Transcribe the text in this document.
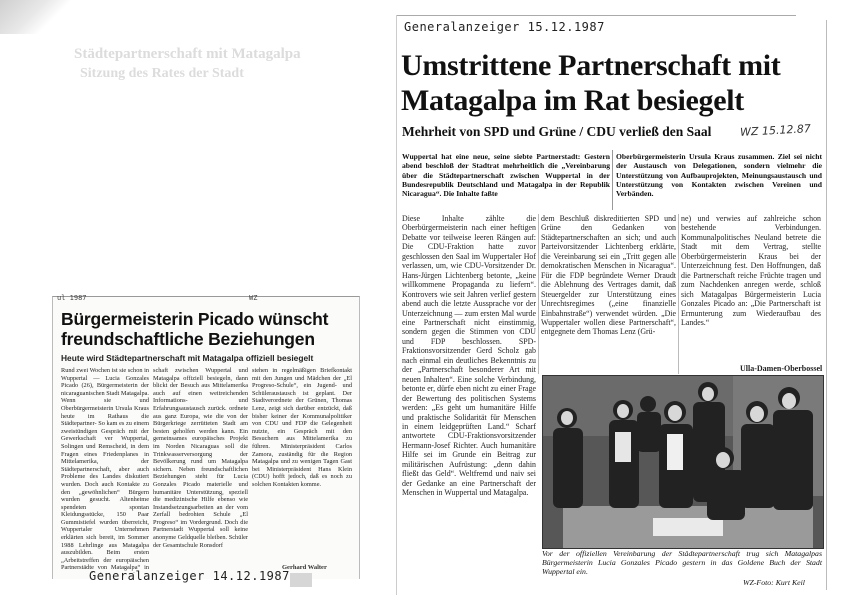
Städtepartnerschaft mit Matagalpa
Sitzung des Rates der Stadt
ul 1987	WZ
Bürgermeisterin Picado wünscht
freundschaftliche Beziehungen
Heute wird Städtepartnerschaft mit Matagalpa offiziell besiegelt
Rund zwei Wochen ist sie schon in Wuppertal — Lucia Gonzales Picado (26), Bürgermeisterin der nicaraguanischen Stadt Matagalpa. Wenn sie und Oberbürgermeisterin Ursula Kraus heute im Rathaus die Städtepartner- So kam es zu einem zweistündigen Gespräch mit der Gewerkschaft ver Wuppertal, Solingen und Remscheid, in dem Fragen eines Friedenplanes in Mittelamerika, der Städtepartnerschaft, aber auch Probleme des Landes diskutiert wurden. Doch auch Kontakte zu den „gewöhnlichen“ Bürgern wurden gesucht. Altenheime spendeten spontan Kleidungsstücke, 150 Paar Gummistiefel wurden überreicht, Wuppertaler Unternehmen erklärten sich bereit, im Sommer 1988 Lehrlinge aus Matagalpa auszubilden. Beim ersten „Arbeitstreffen der europäischen Partnerstädte von Matagalpa“ in
schaft zwischen Wuppertal und Matagalpa offiziell besiegeln, dann blickt der Besuch aus Mittelamerika auch auf einen weitreichenden Informations- und Erfahrungsaustausch zurück. ordnete aus ganz Europa, wie die von der Bürgerkriege zerrütteten Stadt am besten geholfen werden kann. Ein gemeinsames europäisches Projekt im Norden Nicaraguas soll die Trinkwasserversorgung der Bevölkerung rund um Matagalpa sichern. Neben freundschaftlichen Beziehungen steht für Lucia Gonzales Picado materielle und humanitäre Unterstützung, speziell die medizinische Hilfe ebenso wie Instandsetzungsarbeiten an der vom Zerfall bedrohten Schule „El Progreso“ im Vordergrund. Doch die Partnerstadt Wuppertal soll keine anonyme Geldquelle bleiben. Schüler der Gesamtschule Ronsdorf
stehen in regelmäßigen Briefkontakt mit den Jungen und Mädchen der „El Progreso-Schule“, ein Jugend- und Schüleraustausch ist geplant. Der Stadtverordnete der Grünen, Thomas Lenz, zeigt sich darüber entzückt, daß bisher keiner der Kommunalpolitiker von CDU und FDP die Gelegenheit nutzte, ein Gespräch mit den Besuchern aus Mittelamerika zu führen. Ministerpräsident Carlos Zamora, zuständig für die Region Matagalpa und zu wenigen Tagen Gast bei Ministerpräsident Hans Klein (CDU) hofft jedoch, daß es noch zu solchen Kontakten komme.
Gerhard Walter
Generalanzeiger 14.12.1987
Generalanzeiger 15.12.1987
Umstrittene Partnerschaft mit
Matagalpa im Rat besiegelt
Mehrheit von SPD und Grüne / CDU verließ den Saal	WZ 15.12.87
Wuppertal hat eine neue, seine siebte Partnerstadt: Gestern abend beschloß der Stadtrat mehrheitlich die „Vereinbarung über die Städtepartnerschaft zwischen Wuppertal in der Bundesrepublik Deutschland und Matagalpa in der Republik Nicaragua“. Die Inhalte faßte
Oberbürgermeisterin Ursula Kraus zusammen. Ziel sei nicht der Austausch von Delegationen, sondern vielmehr die Unterstützung von Aufbauprojekten, Meinungsaustausch und Unterstützung von Kontakten zwischen Vereinen und Verbänden.
Diese Inhalte zählte die Oberbürgermeisterin nach einer heftigen Debatte vor teilweise leeren Rängen auf: Die CDU-Fraktion hatte zuvor geschlossen den Saal im Wuppertaler Hof verlassen, um, wie CDU-Vorsitzender Dr. Hans-Jürgen Lichtenberg betonte, „keine willkommene Propaganda zu liefern“. Kontrovers wie seit Jahren verlief gestern abend auch die letzte Aussprache vor der Unterzeichnung — zum ersten Mal wurde eine Partnerschaft nicht einstimmig, sondern gegen die Stimmen von CDU und FDP beschlossen. SPD-Fraktionsvorsitzender Gerd Scholz gab nach einmal ein deutliches Bekenntnis zu der „Partnerschaft besonderer Art mit neuen Inhalten“. Eine solche Verbindung, betonte er, dürfe eben nicht zu einer Frage der Bewertung des politischen Systems werden: „Es geht um humanitäre Hilfe und praktische Solidarität für Menschen in einem leidgeprüften Land.“ Scharf antwortete CDU-Fraktionsvorsitzender Hermann-Josef Richter. Auch humanitäre Hilfe sei im Grunde ein Beitrag zur militärischen Aufrüstung: „denn dahin fließt das Geld“. Weltfremd und naiv sei der Gedanke an eine Partnerschaft der Menschen in Wuppertal und Matagalpa.
dem Beschluß diskreditierten SPD und Grüne den Gedanken von Städtepartnerschaften an sich; und auch Parteivorsitzender Lichtenberg erklärte, die Vereinbarung sei ein „Tritt gegen alle demokratischen Menschen in Nicaragua“. Für die FDP begründete Werner Draudt die Ablehnung des Vertrages damit, daß Steuergelder zur Unterstützung eines Unrechtsregimes („eine finanzielle Einbahnstraße“) verwendet würden. „Die Wuppertaler wollen diese Partnerschaft“, entgegnete dem Thomas Lenz (Grü-
ne) und verwies auf zahlreiche schon bestehende Verbindungen. Kommunalpolitisches Neuland betrete die Stadt mit dem Vertrag, stellte Oberbürgermeisterin Kraus bei der Unterzeichnung fest. Den Hoffnungen, daß die Partnerschaft reiche Früchte tragen und zum Nachdenken anregen werde, schloß sich Matagalpas Bürgermeisterin Lucia Gonzales Picado an: „Die Partnerschaft ist Ermunterung zum Wiederaufbau des Landes.“
Ulla-Damen-Oberbossel
Vor der offiziellen Vereinbarung der Städtepartnerschaft trug sich Matagalpas Bürgermeisterin Lucia Gonzales Picado gestern in das Goldene Buch der Stadt Wuppertal ein.
WZ-Foto: Kurt Keil
